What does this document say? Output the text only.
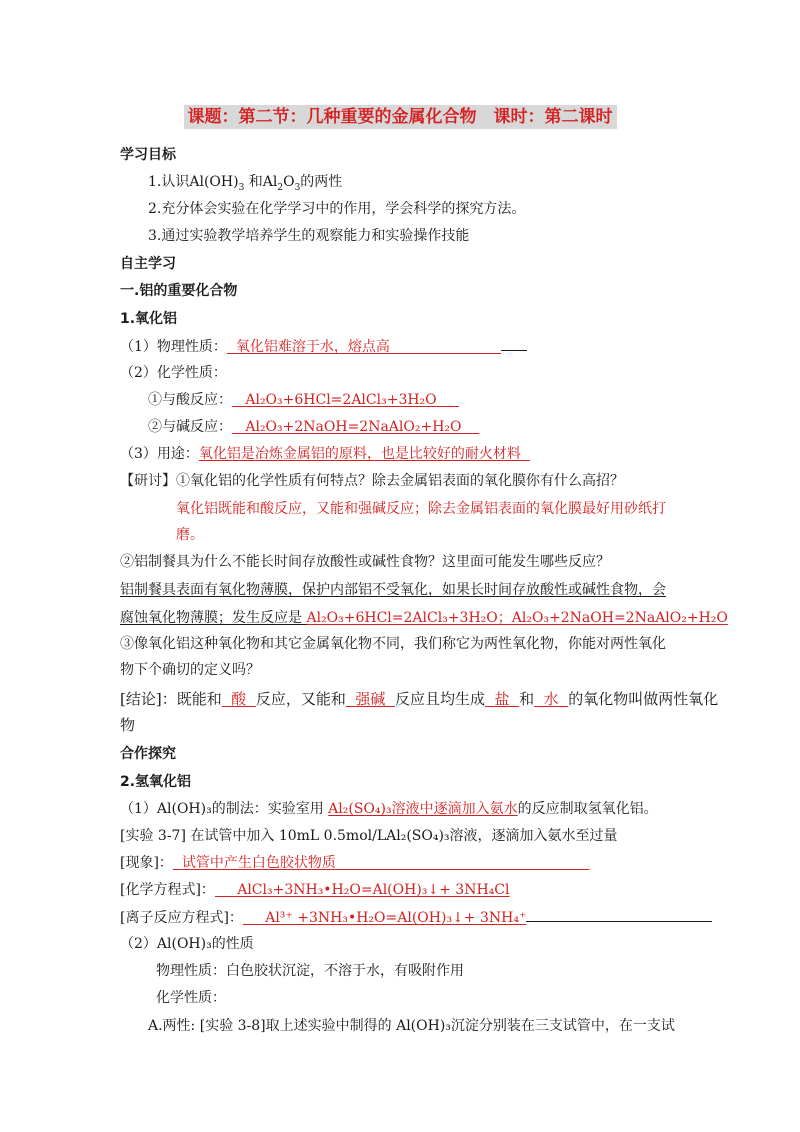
课题：第二节：几种重要的金属化合物　课时：第二课时
学习目标
1.认识$Al(OH)_3$ 和$Al_2O_3$的两性
2.充分体会实验在化学学习中的作用，学会科学的探究方法。
3.通过实验教学培养学生的观察能力和实验操作技能
自主学习
一.铝的重要化合物
1.氧化铝
（1）物理性质： 氧化铝难溶于水，熔点高
（2）化学性质：
①与酸反应： Al₂O₃+6HCl=2AlCl₃+3H₂O
②与碱反应： Al₂O₃+2NaOH=2NaAlO₂+H₂O
（3）用途：氧化铝是冶炼金属铝的原料，也是比较好的耐火材料
【研讨】①氧化铝的化学性质有何特点？除去金属铝表面的氧化膜你有什么高招？
氧化铝既能和酸反应，又能和强碱反应；除去金属铝表面的氧化膜最好用砂纸打
磨。
②铝制餐具为什么不能长时间存放酸性或碱性食物？这里面可能发生哪些反应？
铝制餐具表面有氧化物薄膜，保护内部铝不受氧化，如果长时间存放酸性或碱性食物，会
腐蚀氧化物薄膜；发生反应是 Al₂O₃+6HCl=2AlCl₃+3H₂O；Al₂O₃+2NaOH=2NaAlO₂+H₂O
③像氧化铝这种氧化物和其它金属氧化物不同，我们称它为两性氧化物，你能对两性氧化
物下个确切的定义吗？
[结论]：既能和 酸 反应，又能和 强碱 反应且均生成 盐 和 水 的氧化物叫做两性氧化
物
合作探究
2.氢氧化铝
（1）Al(OH)₃的制法：实验室用 Al₂(SO₄)₃溶液中逐滴加入氨水的反应制取氢氧化铝。
[实验 3-7] 在试管中加入 10mL 0.5mol/LAl₂(SO₄)₃溶液，逐滴加入氨水至过量
[现象]： 试管中产生白色胶状物质
[化学方程式]： AlCl₃+3NH₃•H₂O=Al(OH)₃↓+ 3NH₄Cl
[离子反应方程式]： Al³⁺ +3NH₃•H₂O=Al(OH)₃↓+ 3NH₄⁺
（2）Al(OH)₃的性质
物理性质：白色胶状沉淀，不溶于水，有吸附作用
化学性质：
A.两性: [实验 3-8]取上述实验中制得的 Al(OH)₃沉淀分别装在三支试管中，在一支试
